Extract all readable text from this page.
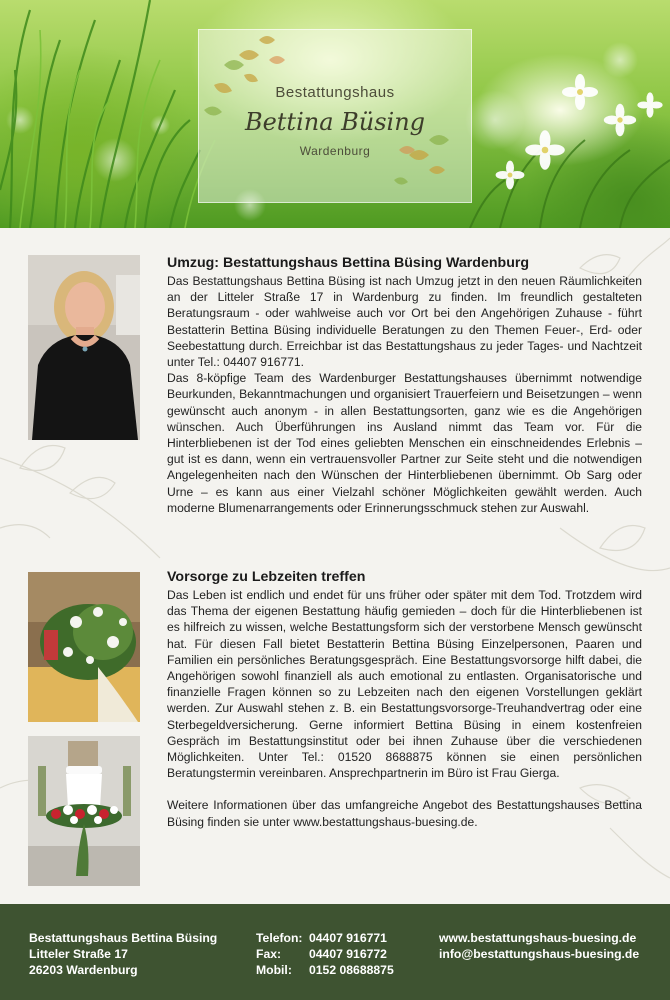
Bestattungshaus
Bettina Büsing
Wardenburg
Umzug: Bestattungshaus Bettina Büsing Wardenburg

Das Bestattungshaus Bettina Büsing ist nach Umzug jetzt in den neuen Räumlichkeiten an der Litteler Straße 17 in Wardenburg zu finden. Im freundlich gestalteten Beratungsraum - oder wahlweise auch vor Ort bei den Angehörigen Zuhause - führt Bestatterin Bettina Büsing individuelle Beratungen zu den Themen Feuer-, Erd- oder Seebestattung durch. Erreichbar ist das Bestattungshaus zu jeder Tages- und Nachtzeit unter Tel.: 04407 916771.

Das 8-köpfige Team des Wardenburger Bestattungshauses übernimmt notwendige Beurkunden, Bekanntmachungen und organisiert Trauerfeiern und Beisetzungen – wenn gewünscht auch anonym - in allen Bestattungsorten, ganz wie es die Angehörigen wünschen. Auch Überführungen ins Ausland nimmt das Team vor. Für die Hinterbliebenen ist der Tod eines geliebten Menschen ein einschneidendes Erlebnis – gut ist es dann, wenn ein vertrauensvoller Partner zur Seite steht und die notwendigen Angelegenheiten nach den Wünschen der Hinterbliebenen übernimmt. Ob Sarg oder Urne – es kann aus einer Vielzahl schöner Möglichkeiten gewählt werden. Auch moderne Blumenarrangements oder Erinnerungsschmuck stehen zur Auswahl.

Vorsorge zu Lebzeiten treffen

Das Leben ist endlich und endet für uns früher oder später mit dem Tod. Trotzdem wird das Thema der eigenen Bestattung häufig gemieden – doch für die Hinterbliebenen ist es hilfreich zu wissen, welche Bestattungsform sich der verstorbene Mensch gewünscht hat. Für diesen Fall bietet Bestatterin Bettina Büsing Einzelpersonen, Paaren und Familien ein persönliches Beratungsgespräch. Eine Bestattungsvorsorge hilft dabei, die Angehörigen sowohl finanziell als auch emotional zu entlasten. Organisatorische und finanzielle Fragen können so zu Lebzeiten nach den eigenen Vorstellungen geklärt werden. Zur Auswahl stehen z. B. ein Bestattungsvorsorge-Treuhandvertrag oder eine Sterbegeldversicherung. Gerne informiert Bettina Büsing in einem kostenfreien Gespräch im Bestattungsinstitut oder bei ihnen Zuhause über die verschiedenen Möglichkeiten. Unter Tel.: 01520 8688875 können sie einen persönlichen Beratungstermin vereinbaren. Ansprechpartnerin im Büro ist Frau Gierga.

Weitere Informationen über das umfangreiche Angebot des Bestattungshauses Bettina Büsing finden sie unter www.bestattungshaus-buesing.de.

Bestattungshaus Bettina Büsing
Litteler Straße 17
26203 Wardenburg
Telefon: 04407 916771
Fax: 04407 916772
Mobil: 0152 08688875
www.bestattungshaus-buesing.de
info@bestattungshaus-buesing.de
